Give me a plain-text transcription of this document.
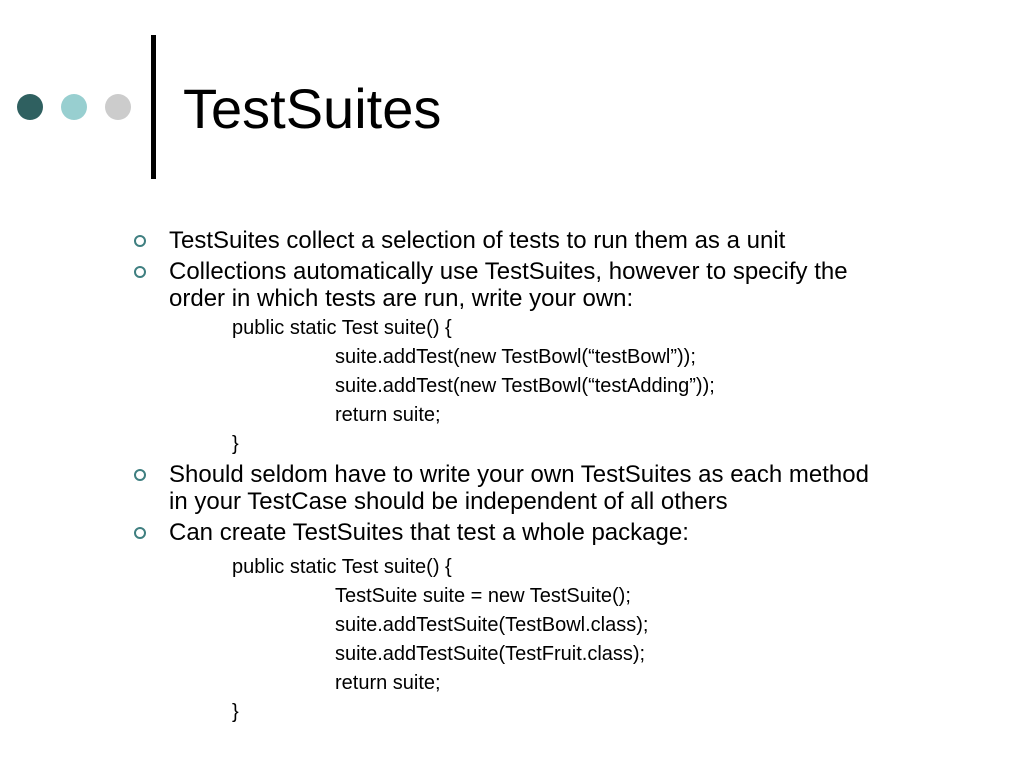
TestSuites
TestSuites collect a selection of tests to run them as a unit
Collections automatically use TestSuites, however to specify the
order in which tests are run, write your own:
public static Test suite() {
suite.addTest(new TestBowl(“testBowl”));
suite.addTest(new TestBowl(“testAdding”));
return suite;
}
Should seldom have to write your own TestSuites as each method
in your TestCase should be independent of all others
Can create TestSuites that test a whole package:
public static Test suite() {
TestSuite suite = new TestSuite();
suite.addTestSuite(TestBowl.class);
suite.addTestSuite(TestFruit.class);
return suite;
}
